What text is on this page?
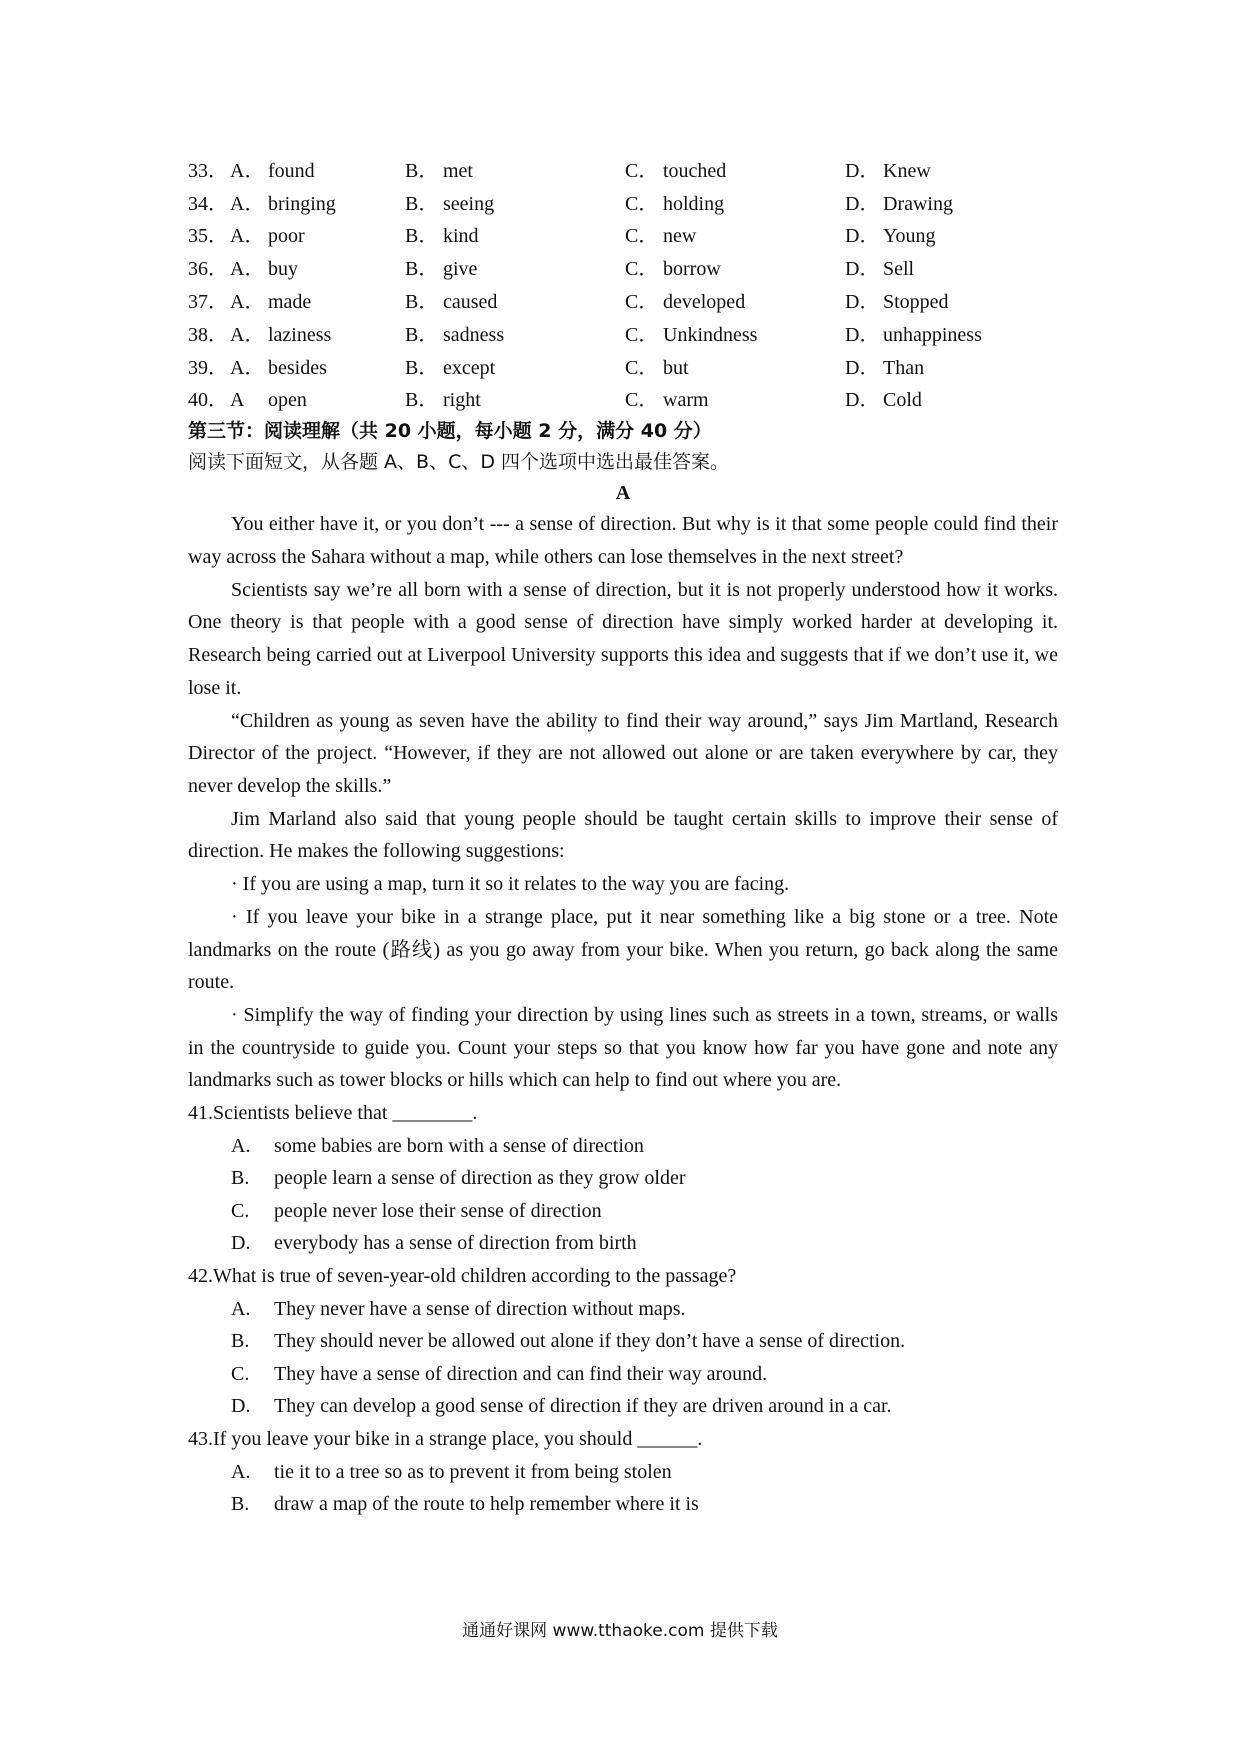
33． A． found	B． met	C． touched	D． Knew
34． A． bringing	B． seeing	C． holding	D． Drawing
35． A． poor	B． kind	C． new	D． Young
36． A． buy	B． give	C． borrow	D． Sell
37． A． made	B． caused	C． developed	D． Stopped
38． A． laziness	B． sadness	C． Unkindness	D． unhappiness
39． A． besides	B． except	C． but	D． Than
40． A	open	B． right	C． warm	D． Cold
第三节：阅读理解（共 20 小题，每小题 2 分，满分 40 分）
阅读下面短文，从各题 A、B、C、D 四个选项中选出最佳答案。
A

You either have it, or you don’t --- a sense of direction. But why is it that some people could find their way across the Sahara without a map, while others can lose themselves in the next street?

Scientists say we’re all born with a sense of direction, but it is not properly understood how it works. One theory is that people with a good sense of direction have simply worked harder at developing it. Research being carried out at Liverpool University supports this idea and suggests that if we don’t use it, we lose it.

“Children as young as seven have the ability to find their way around,” says Jim Martland, Research Director of the project. “However, if they are not allowed out alone or are taken everywhere by car, they never develop the skills.”

Jim Marland also said that young people should be taught certain skills to improve their sense of direction. He makes the following suggestions:

· If you are using a map, turn it so it relates to the way you are facing.

· If you leave your bike in a strange place, put it near something like a big stone or a tree. Note landmarks on the route (路线) as you go away from your bike. When you return, go back along the same route.

· Simplify the way of finding your direction by using lines such as streets in a town, streams, or walls in the countryside to guide you. Count your steps so that you know how far you have gone and note any landmarks such as tower blocks or hills which can help to find out where you are.

41.Scientists believe that ________.
A.	some babies are born with a sense of direction
B.	people learn a sense of direction as they grow older
C.	people never lose their sense of direction
D.	everybody has a sense of direction from birth
42.What is true of seven-year-old children according to the passage?
A.	They never have a sense of direction without maps.
B.	They should never be allowed out alone if they don’t have a sense of direction.
C.	They have a sense of direction and can find their way around.
D.	They can develop a good sense of direction if they are driven around in a car.
43.If you leave your bike in a strange place, you should ______.
A.	tie it to a tree so as to prevent it from being stolen
B.	draw a map of the route to help remember where it is
通通好课网 www.tthaoke.com 提供下载
